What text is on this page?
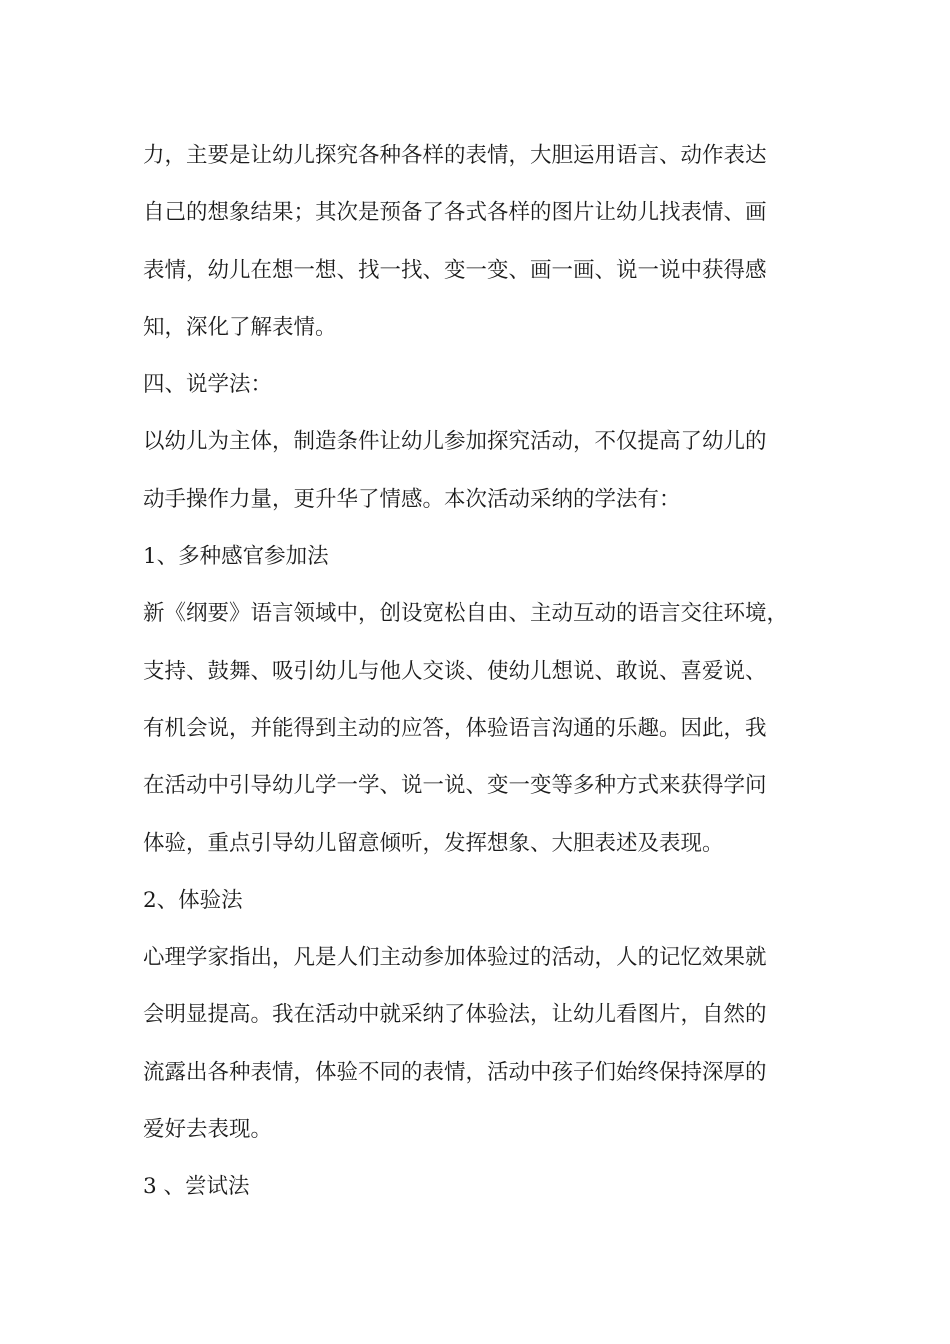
力，主要是让幼儿探究各种各样的表情，大胆运用语言、动作表达
自己的想象结果；其次是预备了各式各样的图片让幼儿找表情、画
表情，幼儿在想一想、找一找、变一变、画一画、说一说中获得感
知，深化了解表情。
四、说学法：
以幼儿为主体，制造条件让幼儿参加探究活动，不仅提高了幼儿的
动手操作力量，更升华了情感。本次活动采纳的学法有：
1、多种感官参加法
新《纲要》语言领域中，创设宽松自由、主动互动的语言交往环境，
支持、鼓舞、吸引幼儿与他人交谈、使幼儿想说、敢说、喜爱说、
有机会说，并能得到主动的应答，体验语言沟通的乐趣。因此，我
在活动中引导幼儿学一学、说一说、变一变等多种方式来获得学问
体验，重点引导幼儿留意倾听，发挥想象、大胆表述及表现。
2、体验法
心理学家指出，凡是人们主动参加体验过的活动，人的记忆效果就
会明显提高。我在活动中就采纳了体验法，让幼儿看图片，自然的
流露出各种表情，体验不同的表情，活动中孩子们始终保持深厚的
爱好去表现。
3 、尝试法
